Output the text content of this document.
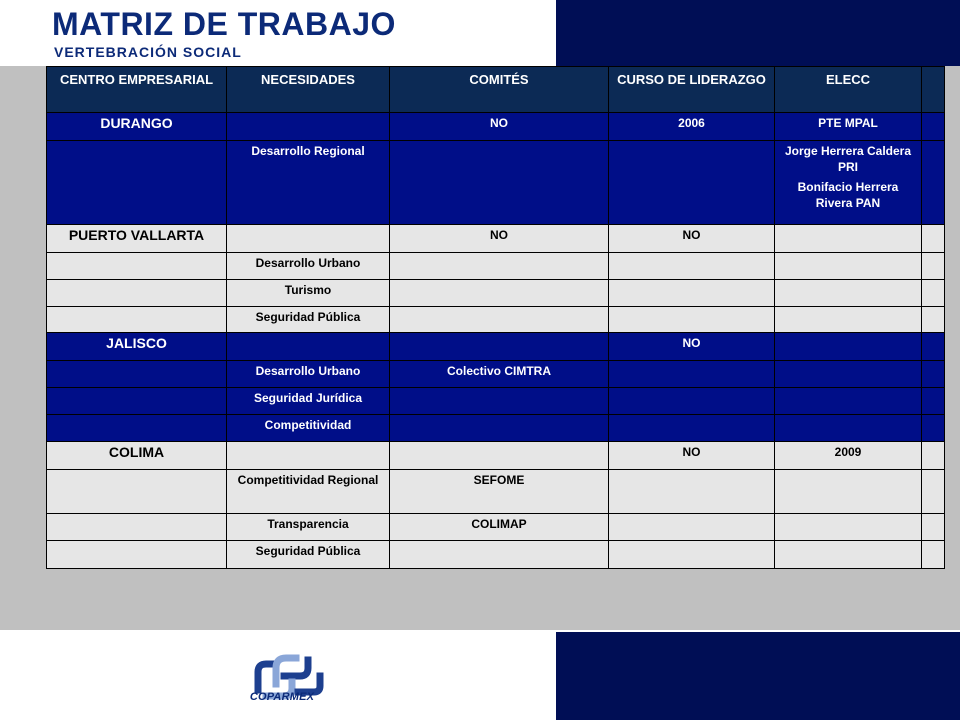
MATRIZ DE TRABAJO
VERTEBRACIÓN SOCIAL
CENTRO EMPRESARIAL	NECESIDADES	COMITÉS	CURSO DE LIDERAZGO	ELECC	
DURANGO		NO	2006	PTE MPAL	
	Desarrollo Regional			Jorge Herrera Caldera PRI
Bonifacio Herrera Rivera PAN	

PUERTO VALLARTA		NO	NO		
	Desarrollo Urbano				
	Turismo				
	Seguridad Pública				
JALISCO			NO		
	Desarrollo Urbano	Colectivo CIMTRA			
	Seguridad Jurídica				
	Competitividad				
COLIMA			NO	2009	
	Competitividad Regional	SEFOME			
	Transparencia	COLIMAP			
	Seguridad Pública				
COPARMEX
